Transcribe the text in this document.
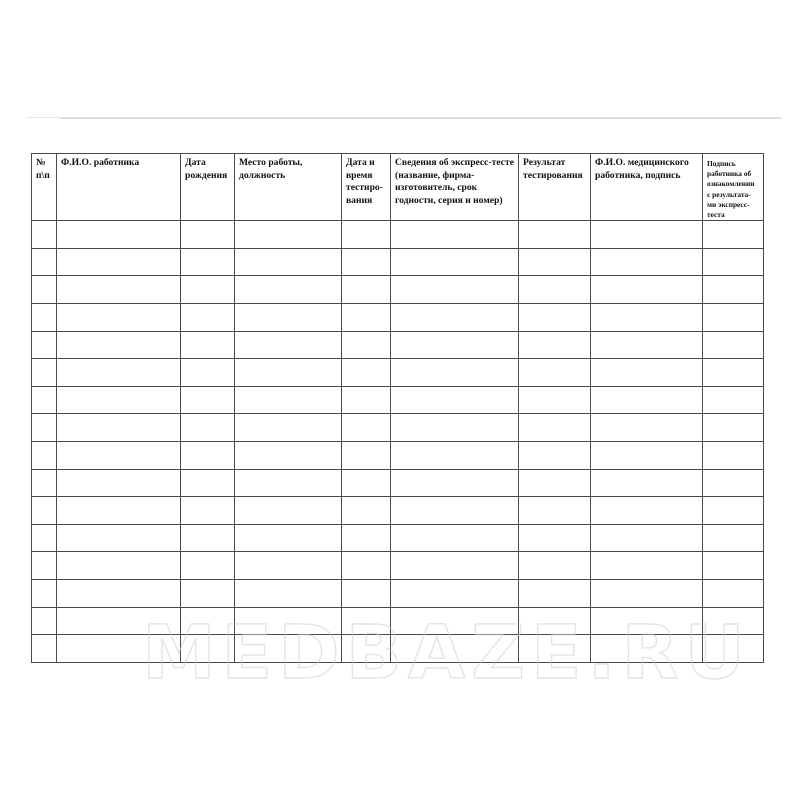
№ п\п	Ф.И.О. работника	Дата рождения	Место работы, должность	Дата и время тестиро-вания	Сведения об экспресс-тесте (название, фирма-изготовитель, срок годности, серия и номер)	Результат тестирования	Ф.И.О. медицинского работника, подпись	Подпись работника об ознакомлении с результата-ми экспресс-теста
